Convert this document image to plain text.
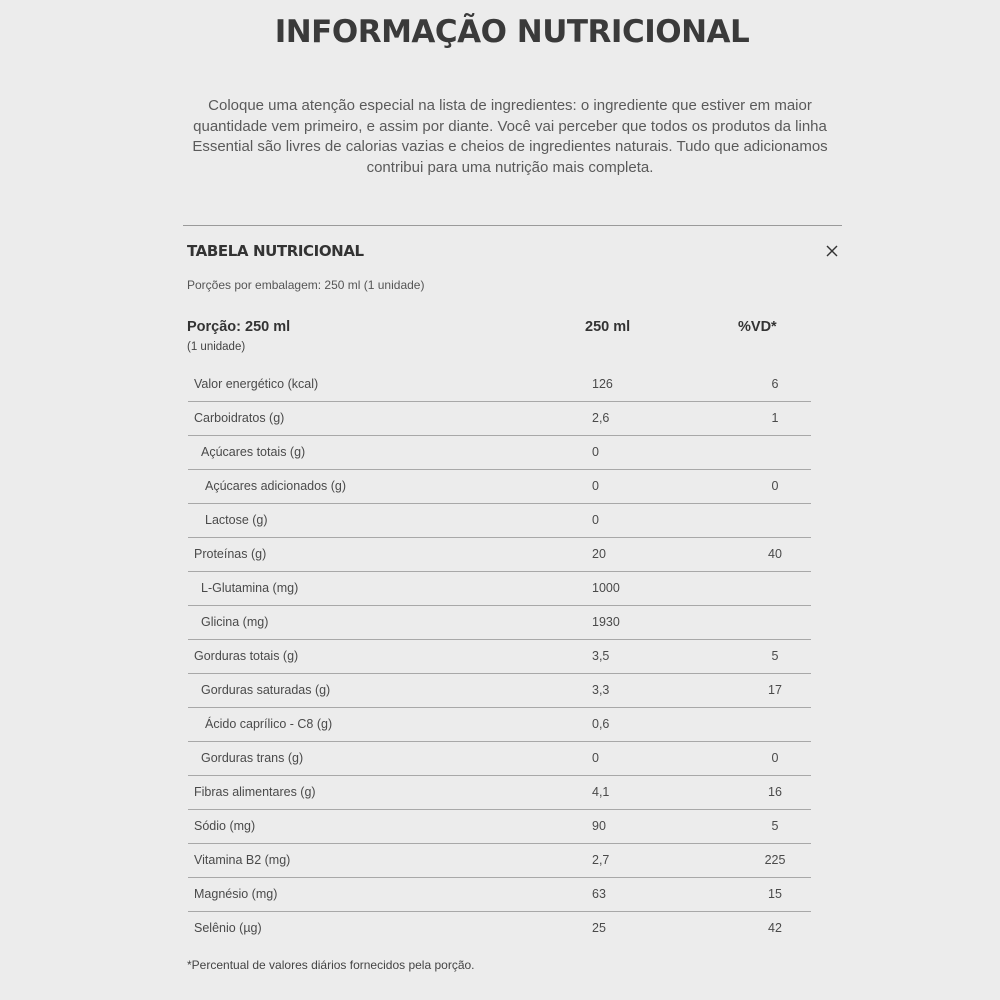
INFORMAÇÃO NUTRICIONAL

Coloque uma atenção especial na lista de ingredientes: o ingrediente que estiver em maior quantidade vem primeiro, e assim por diante. Você vai perceber que todos os produtos da linha Essential são livres de calorias vazias e cheios de ingredientes naturais. Tudo que adicionamos contribui para uma nutrição mais completa.

TABELA NUTRICIONAL
Porções por embalagem: 250 ml (1 unidade)
Porção: 250 ml
(1 unidade)
250 ml	%VD*
Valor energético (kcal)	126	6
Carboidratos (g)	2,6	1
Açúcares totais (g)	0
Açúcares adicionados (g)	0	0
Lactose (g)	0
Proteínas (g)	20	40
L-Glutamina (mg)	1000
Glicina (mg)	1930
Gorduras totais (g)	3,5	5
Gorduras saturadas (g)	3,3	17
Ácido caprílico - C8 (g)	0,6
Gorduras trans (g)	0	0
Fibras alimentares (g)	4,1	16
Sódio (mg)	90	5
Vitamina B2 (mg)	2,7	225
Magnésio (mg)	63	15
Selênio (µg)	25	42
*Percentual de valores diários fornecidos pela porção.
